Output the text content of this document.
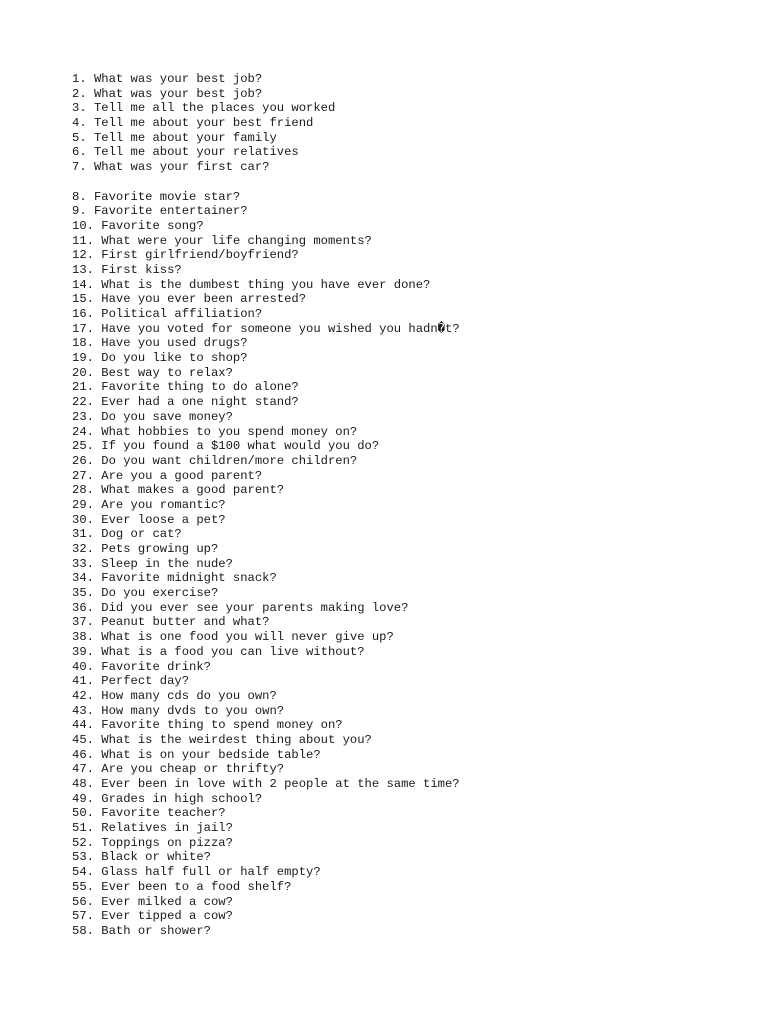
1. What was your best job?
2. What was your best job?
3. Tell me all the places you worked
4. Tell me about your best friend
5. Tell me about your family
6. Tell me about your relatives
7. What was your first car?
8. Favorite movie star?
9. Favorite entertainer?
10. Favorite song?
11. What were your life changing moments?
12. First girlfriend/boyfriend?
13. First kiss?
14. What is the dumbest thing you have ever done?
15. Have you ever been arrested?
16. Political affiliation?
17. Have you voted for someone you wished you hadn�t?
18. Have you used drugs?
19. Do you like to shop?
20. Best way to relax?
21. Favorite thing to do alone?
22. Ever had a one night stand?
23. Do you save money?
24. What hobbies to you spend money on?
25. If you found a $100 what would you do?
26. Do you want children/more children?
27. Are you a good parent?
28. What makes a good parent?
29. Are you romantic?
30. Ever loose a pet?
31. Dog or cat?
32. Pets growing up?
33. Sleep in the nude?
34. Favorite midnight snack?
35. Do you exercise?
36. Did you ever see your parents making love?
37. Peanut butter and what?
38. What is one food you will never give up?
39. What is a food you can live without?
40. Favorite drink?
41. Perfect day?
42. How many cds do you own?
43. How many dvds to you own?
44. Favorite thing to spend money on?
45. What is the weirdest thing about you?
46. What is on your bedside table?
47. Are you cheap or thrifty?
48. Ever been in love with 2 people at the same time?
49. Grades in high school?
50. Favorite teacher?
51. Relatives in jail?
52. Toppings on pizza?
53. Black or white?
54. Glass half full or half empty?
55. Ever been to a food shelf?
56. Ever milked a cow?
57. Ever tipped a cow?
58. Bath or shower?
